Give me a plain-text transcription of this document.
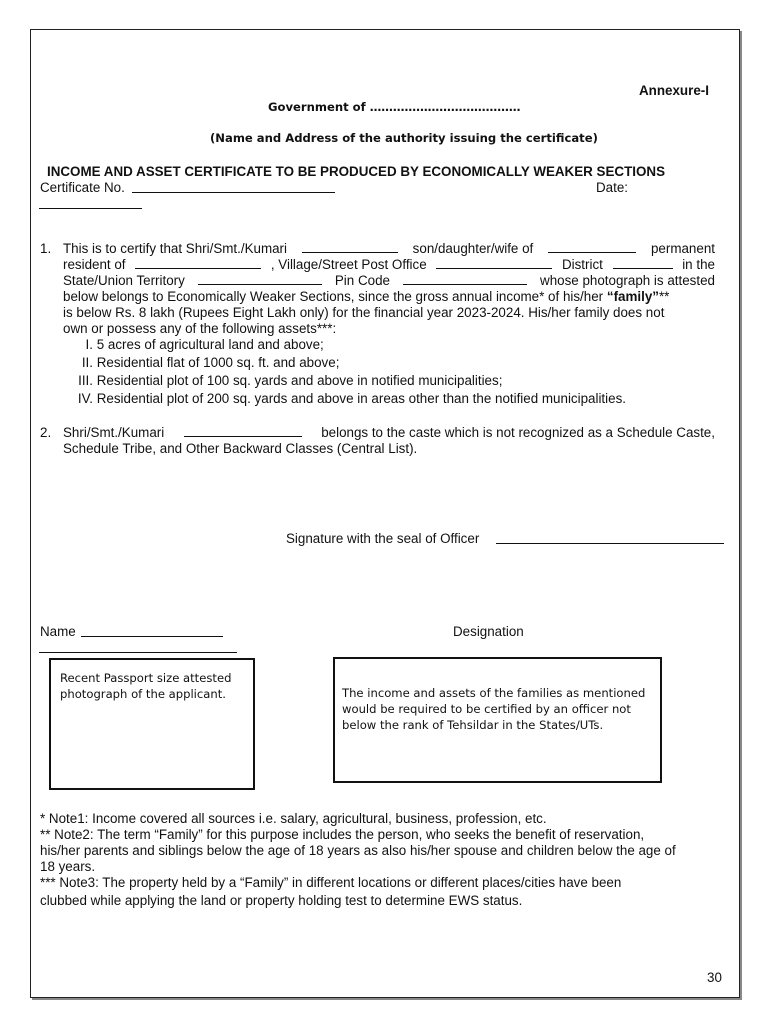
Annexure-I
Government of …………………………………
(Name and Address of the authority issuing the certificate)
INCOME AND ASSET CERTIFICATE TO BE PRODUCED BY ECONOMICALLY WEAKER SECTIONS
Certificate No.	Date:
1. This is to certify that Shri/Smt./Kumari	son/daughter/wife of	permanent
resident of	, Village/Street Post Office	District	in the
State/Union Territory	Pin Code	whose photograph is attested
below belongs to Economically Weaker Sections, since the gross annual income* of his/her “family”**
is below Rs. 8 lakh (Rupees Eight Lakh only) for the financial year 2023-2024. His/her family does not
own or possess any of the following assets***:
I. 5 acres of agricultural land and above;
II. Residential flat of 1000 sq. ft. and above;
III. Residential plot of 100 sq. yards and above in notified municipalities;
IV. Residential plot of 200 sq. yards and above in areas other than the notified municipalities.
2. Shri/Smt./Kumari	belongs to the caste which is not recognized as a Schedule Caste,
Schedule Tribe, and Other Backward Classes (Central List).
Signature with the seal of Officer
Name	Designation
Recent Passport size attested photograph of the applicant.	The income and assets of the families as mentioned would be required to be certified by an officer not below the rank of Tehsildar in the States/UTs.
* Note1: Income covered all sources i.e. salary, agricultural, business, profession, etc.
** Note2: The term “Family” for this purpose includes the person, who seeks the benefit of reservation,
his/her parents and siblings below the age of 18 years as also his/her spouse and children below the age of
18 years.
*** Note3: The property held by a “Family” in different locations or different places/cities have been
clubbed while applying the land or property holding test to determine EWS status.
30
